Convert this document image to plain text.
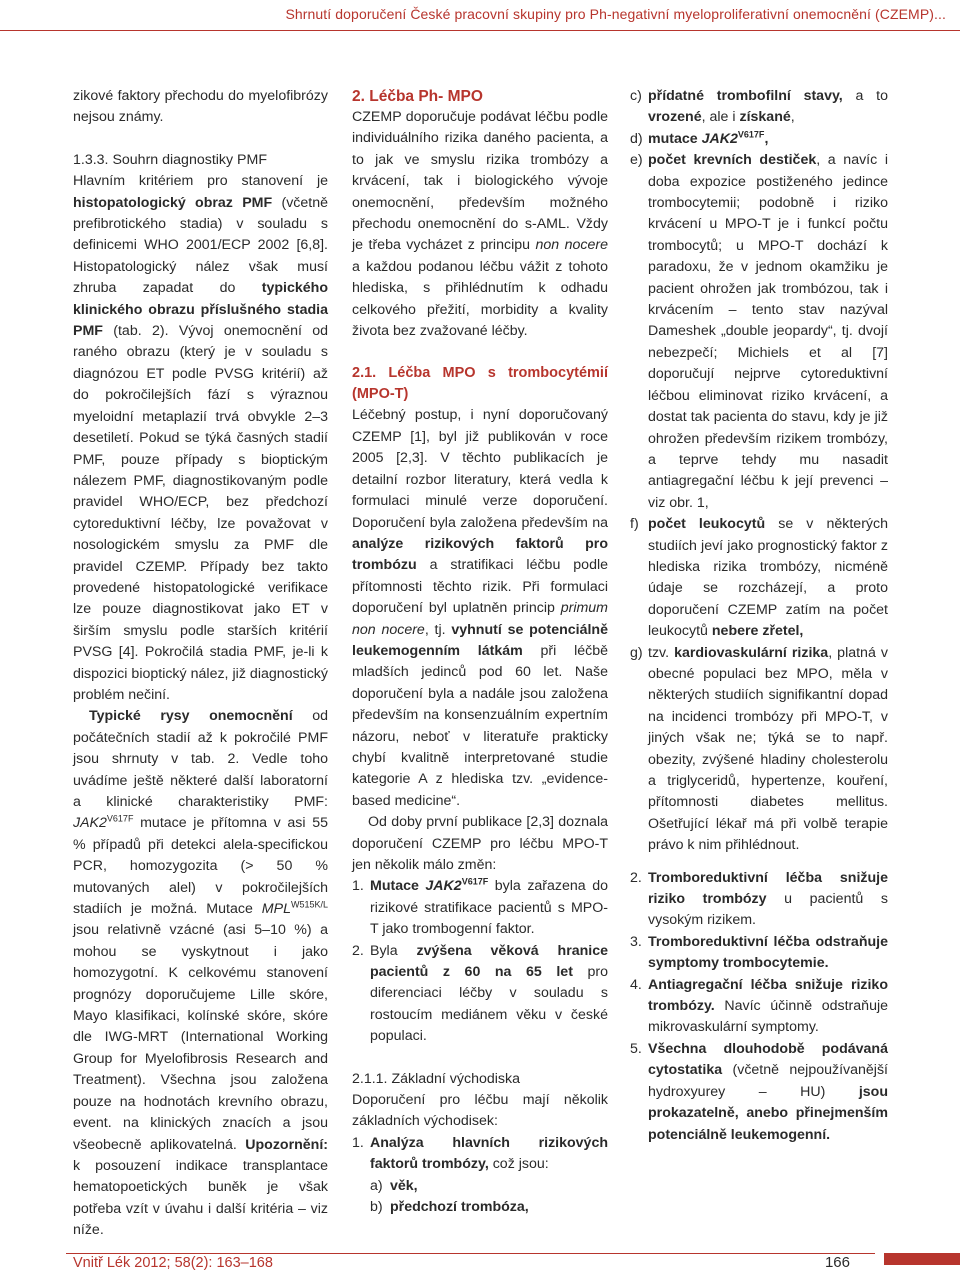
Shrnutí doporučení České pracovní skupiny pro Ph-negativní myeloproliferativní onemocnění (CZEMP)...

zikové faktory přechodu do myelofibrózy nejsou známy.

1.3.3. Souhrn diagnostiky PMF

Hlavním kritériem pro stanovení je histopatologický obraz PMF (včetně prefibrotického stadia) v souladu s definicemi WHO 2001/ECP 2002 [6,8]. Histopatologický nález však musí zhruba zapadat do typického klinického obrazu příslušného stadia PMF (tab. 2). Vývoj onemocnění od raného obrazu (který je v souladu s diagnózou ET podle PVSG kritérií) až do pokročilejších fází s výraznou myeloidní metaplazií trvá obvykle 2–3 desetiletí. Pokud se týká časných stadií PMF, pouze případy s bioptickým nálezem PMF, diagnostikovaným podle pravidel WHO/ECP, bez předchozí cytoreduktivní léčby, lze považovat v nosologickém smyslu za PMF dle pravidel CZEMP. Případy bez takto provedené histopatologické verifikace lze pouze diagnostikovat jako ET v širším smyslu podle starších kritérií PVSG [4]. Pokročilá stadia PMF, je-li k dispozici bioptický nález, již diagnostický problém nečiní.

Typické rysy onemocnění od počátečních stadií až k pokročilé PMF jsou shrnuty v tab. 2. Vedle toho uvádíme ještě některé další laboratorní a klinické charakteristiky PMF: $JAK2^{V617F}$ mutace je přítomna v asi 55 % případů při detekci alela-specifickou PCR, homozygozita (> 50 % mutovaných alel) v pokročilejších stadiích je možná. Mutace $MPL^{W515K/L}$ jsou relativně vzácné (asi 5–10 %) a mohou se vyskytnout i jako homozygotní. K celkovému stanovení prognózy doporučujeme Lille skóre, Mayo klasifikaci, kolínské skóre, skóre dle IWG-MRT (International Working Group for Myelofibrosis Research and Treatment). Všechna jsou založena pouze na hodnotách krevního obrazu, event. na klinických znacích a jsou všeobecně aplikovatelná. Upozornění: k posouzení indikace transplantace hematopoetických buněk je však potřeba vzít v úvahu i další kritéria – viz níže.

2. Léčba Ph- MPO

CZEMP doporučuje podávat léčbu podle individuálního rizika daného pacienta, a to jak ve smyslu rizika trombózy a krvácení, tak i biologického vývoje onemocnění, především možného přechodu onemocnění do s-AML. Vždy je třeba vycházet z principu non nocere a každou podanou léčbu vážit z tohoto hlediska, s přihlédnutím k odhadu celkového přežití, morbidity a kvality života bez zvažované léčby.

2.1. Léčba MPO s trombocytémií (MPO-T)

Léčebný postup, i nyní doporučovaný CZEMP [1], byl již publikován v roce 2005 [2,3]. V těchto publikacích je detailní rozbor literatury, která vedla k formulaci minulé verze doporučení. Doporučení byla založena především na analýze rizikových faktorů pro trombózu a stratifikaci léčbu podle přítomnosti těchto rizik. Při formulaci doporučení byl uplatněn princip primum non nocere, tj. vyhnutí se potenciálně leukemogenním látkám při léčbě mladších jedinců pod 60 let. Naše doporučení byla a nadále jsou založena především na konsenzuálním expertním názoru, neboť v literatuře prakticky chybí kvalitně interpretované studie kategorie A z hlediska tzv. „evidence-based medicine“.

Od doby první publikace [2,3] doznala doporučení CZEMP pro léčbu MPO-T jen několik málo změn:

1. Mutace $JAK2^{V617F}$ byla zařazena do rizikové stratifikace pacientů s MPO-T jako trombogenní faktor.

2. Byla zvýšena věková hranice pacientů z 60 na 65 let pro diferenciaci léčby v souladu s rostoucím mediánem věku v české populaci.

2.1.1. Základní východiska

Doporučení pro léčbu mají několik základních východisek:

1. Analýza hlavních rizikových faktorů trombózy, což jsou:

a) věk,

b) předchozí trombóza,

c) přídatné trombofilní stavy, a to vrozené, ale i získané,

d) mutace $JAK2^{V617F}$,

e) počet krevních destiček, a navíc i doba expozice postiženého jedince trombocytemii; podobně i riziko krvácení u MPO-T je i funkcí počtu trombocytů; u MPO-T dochází k paradoxu, že v jednom okamžiku je pacient ohrožen jak trombózou, tak i krvácením – tento stav nazýval Dameshek „double jeopardy“, tj. dvojí nebezpečí; Michiels et al [7] doporučují nejprve cytoreduktivní léčbou eliminovat riziko krvácení, a dostat tak pacienta do stavu, kdy je již ohrožen především rizikem trombózy, a teprve tehdy mu nasadit antiagregační léčbu k její prevenci – viz obr. 1,

f) počet leukocytů se v některých studiích jeví jako prognostický faktor z hlediska rizika trombózy, nicméně údaje se rozcházejí, a proto doporučení CZEMP zatím na počet leukocytů nebere zřetel,

g) tzv. kardiovaskulární rizika, platná v obecné populaci bez MPO, měla v některých studiích signifikantní dopad na incidenci trombózy při MPO-T, v jiných však ne; týká se to např. obezity, zvýšené hladiny cholesterolu a triglyceridů, hypertenze, kouření, přítomnosti diabetes mellitus. Ošetřující lékař má při volbě terapie právo k nim přihlédnout.

2. Tromboreduktivní léčba snižuje riziko trombózy u pacientů s vysokým rizikem.

3. Tromboreduktivní léčba odstraňuje symptomy trombocytemie.

4. Antiagregační léčba snižuje riziko trombózy. Navíc účinně odstraňuje mikrovaskulární symptomy.

5. Všechna dlouhodobě podávaná cytostatika (včetně nejpoužívanější hydroxyurey – HU) jsou prokazatelně, anebo přinejmenším potenciálně leukemogenní.

Vnitř Lék 2012; 58(2): 163–168	166
